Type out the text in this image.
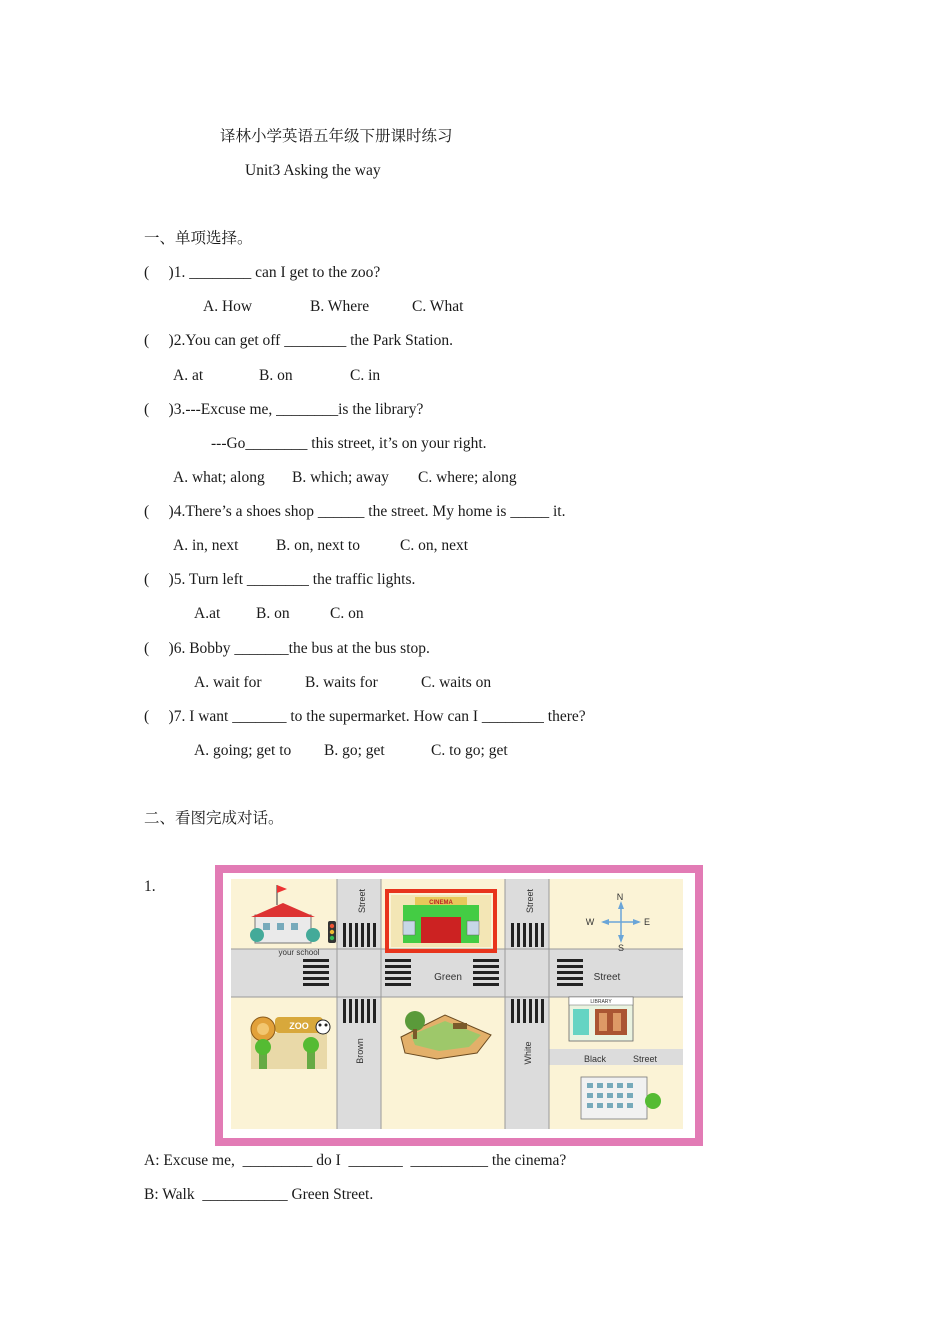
译林小学英语五年级下册课时练习
Unit3 Asking the way
一、单项选择。
(     )1. ________ can I get to the zoo?
A. How	B. Where	C. What
(     )2.You can get off ________ the Park Station.
A. at	B. on	C. in
(     )3.---Excuse me, ________is the library?
---Go________ this street, it’s on your right.
A. what; along B. which; away C. where; along
(     )4.There’s a shoes shop ______ the street. My home is _____ it.
A. in, next B. on, next to	C. on, next
(     )5. Turn left ________ the traffic lights.
A.at B. on	C. on
(     )6. Bobby _______the bus at the bus stop.
A. wait for	B. waits for	C. waits on
(     )7. I want _______ to the supermarket. How can I ________ there?
A. going; get to B. go; get	C. to go; get
二、看图完成对话。
1.
your school
CINEMA
N
S
W	E
Green	Street
Street	Street
Brown	White	Black	Street
ZOO
LIBRARY
A: Excuse me,  _________ do I  _______  __________ the cinema?
B: Walk  ___________ Green Street.
